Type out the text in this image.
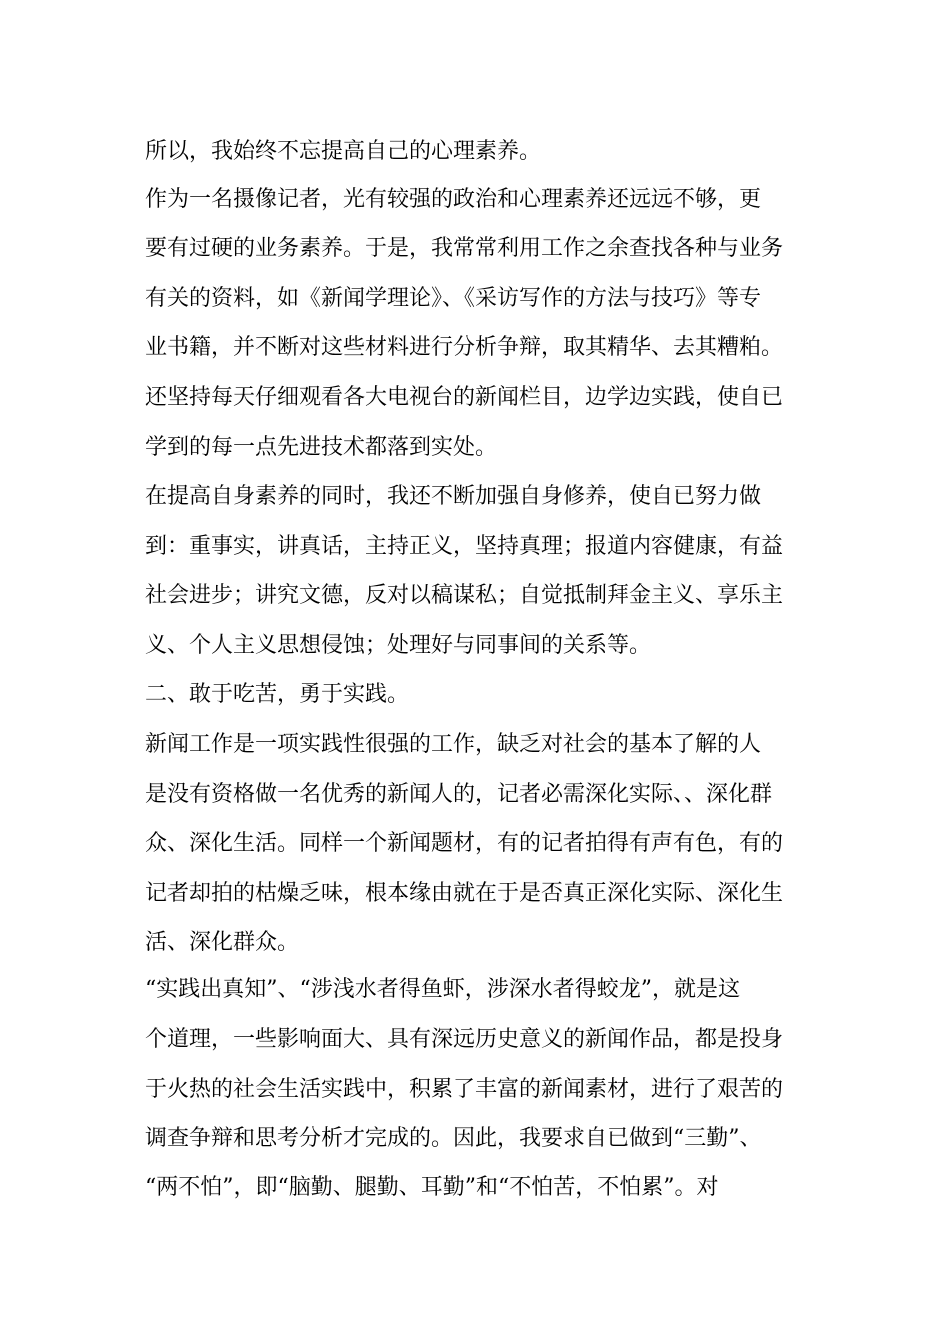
所以，我始终不忘提高自己的心理素养。
作为一名摄像记者，光有较强的政治和心理素养还远远不够，更
要有过硬的业务素养。于是，我常常利用工作之余查找各种与业务
有关的资料，如《新闻学理论》、《采访写作的方法与技巧》等专
业书籍，并不断对这些材料进行分析争辩，取其精华、去其糟粕。
还坚持每天仔细观看各大电视台的新闻栏目，边学边实践，使自已
学到的每一点先进技术都落到实处。
在提高自身素养的同时，我还不断加强自身修养，使自已努力做
到：重事实，讲真话，主持正义，坚持真理；报道内容健康，有益
社会进步；讲究文德，反对以稿谋私；自觉抵制拜金主义、享乐主
义、个人主义思想侵蚀；处理好与同事间的关系等。
二、敢于吃苦，勇于实践。
新闻工作是一项实践性很强的工作，缺乏对社会的基本了解的人
是没有资格做一名优秀的新闻人的，记者必需深化实际、、深化群
众、深化生活。同样一个新闻题材，有的记者拍得有声有色，有的
记者却拍的枯燥乏味，根本缘由就在于是否真正深化实际、深化生
活、深化群众。
“实践出真知”、“涉浅水者得鱼虾，涉深水者得蛟龙”，就是这
个道理，一些影响面大、具有深远历史意义的新闻作品，都是投身
于火热的社会生活实践中，积累了丰富的新闻素材，进行了艰苦的
调查争辩和思考分析才完成的。因此，我要求自已做到“三勤”、
“两不怕”，即“脑勤、腿勤、耳勤”和“不怕苦，不怕累”。对
